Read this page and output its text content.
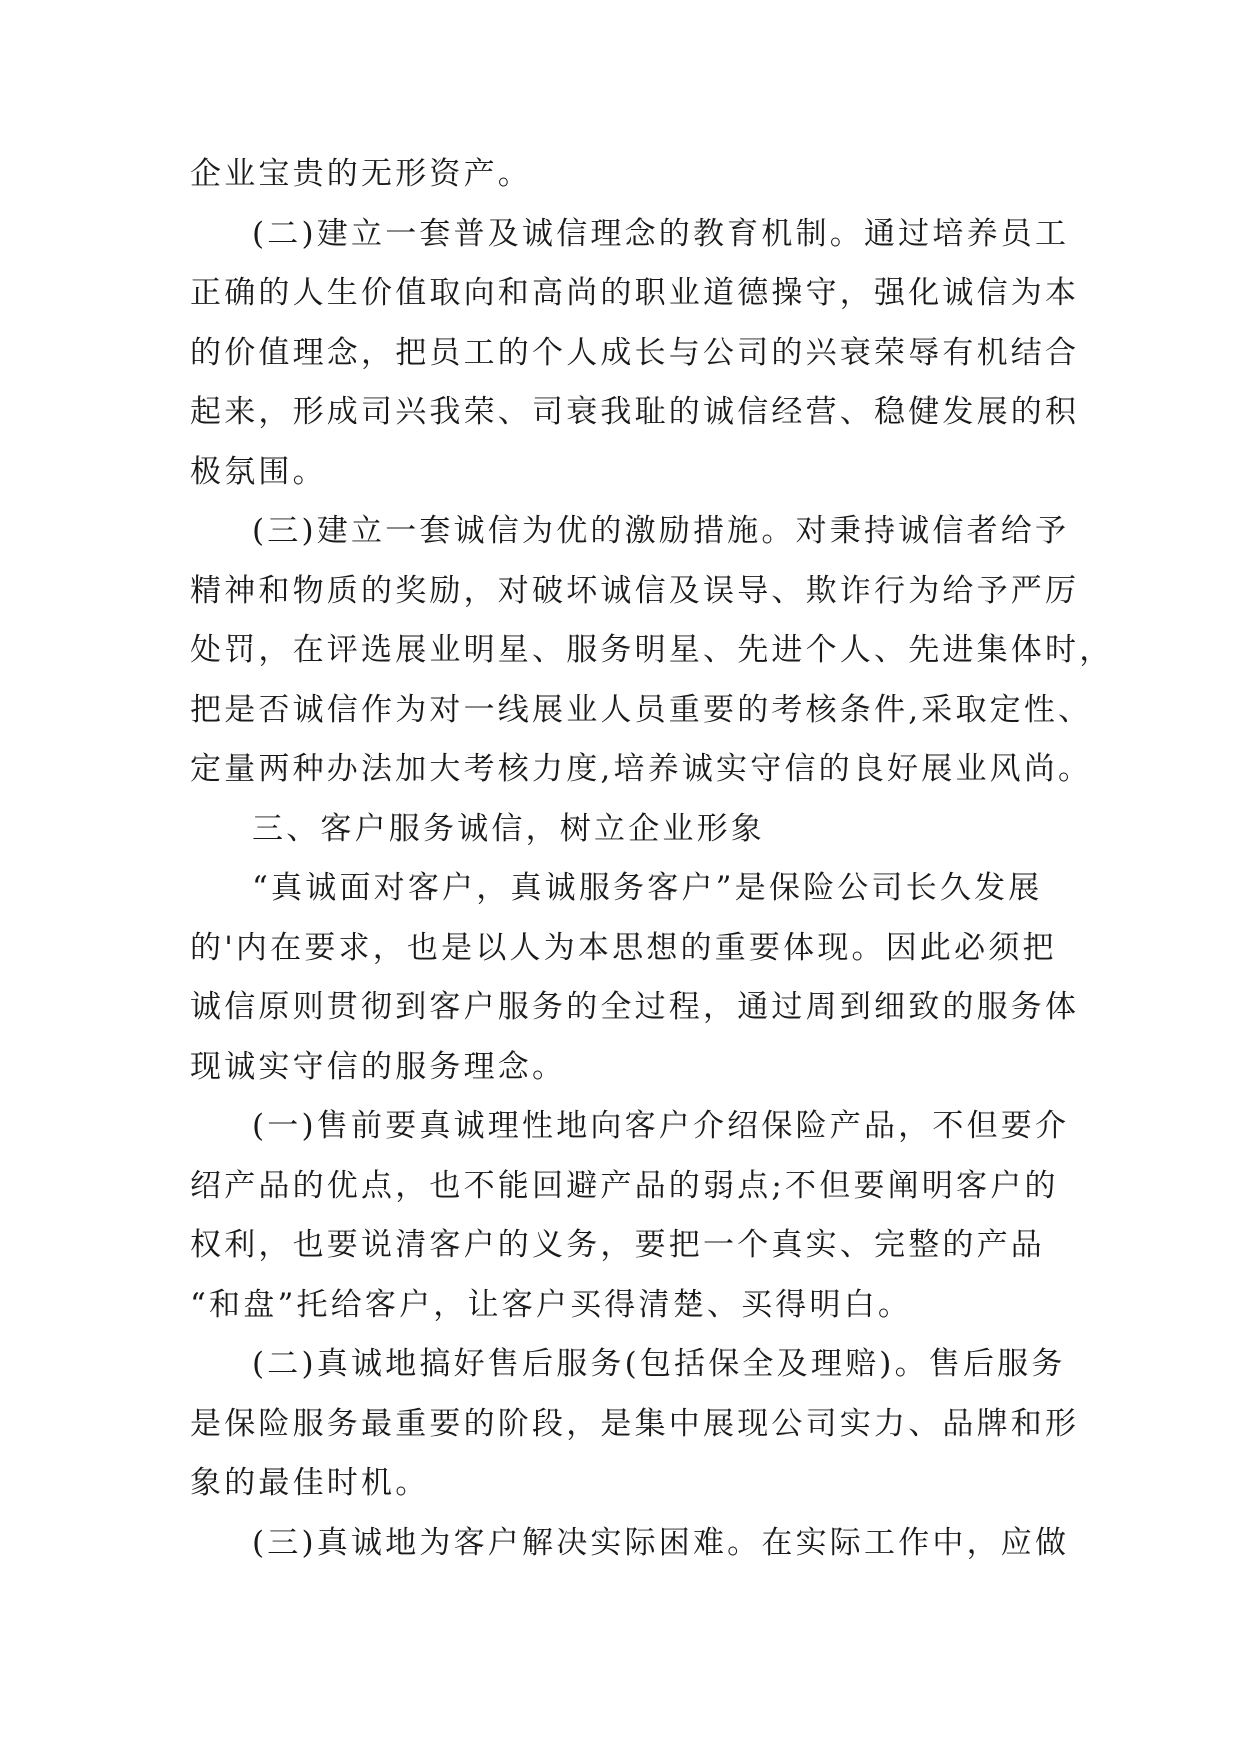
企业宝贵的无形资产。
(二)建立一套普及诚信理念的教育机制。通过培养员工
正确的人生价值取向和高尚的职业道德操守，强化诚信为本
的价值理念，把员工的个人成长与公司的兴衰荣辱有机结合
起来，形成司兴我荣、司衰我耻的诚信经营、稳健发展的积
极氛围。
(三)建立一套诚信为优的激励措施。对秉持诚信者给予
精神和物质的奖励，对破坏诚信及误导、欺诈行为给予严厉
处罚，在评选展业明星、服务明星、先进个人、先进集体时，
把是否诚信作为对一线展业人员重要的考核条件,采取定性、
定量两种办法加大考核力度,培养诚实守信的良好展业风尚。
三、客户服务诚信，树立企业形象
“真诚面对客户，真诚服务客户”是保险公司长久发展
的'内在要求，也是以人为本思想的重要体现。因此必须把
诚信原则贯彻到客户服务的全过程，通过周到细致的服务体
现诚实守信的服务理念。
(一)售前要真诚理性地向客户介绍保险产品，不但要介
绍产品的优点，也不能回避产品的弱点;不但要阐明客户的
权利，也要说清客户的义务，要把一个真实、完整的产品
“和盘”托给客户，让客户买得清楚、买得明白。
(二)真诚地搞好售后服务(包括保全及理赔)。售后服务
是保险服务最重要的阶段，是集中展现公司实力、品牌和形
象的最佳时机。
(三)真诚地为客户解决实际困难。在实际工作中，应做
